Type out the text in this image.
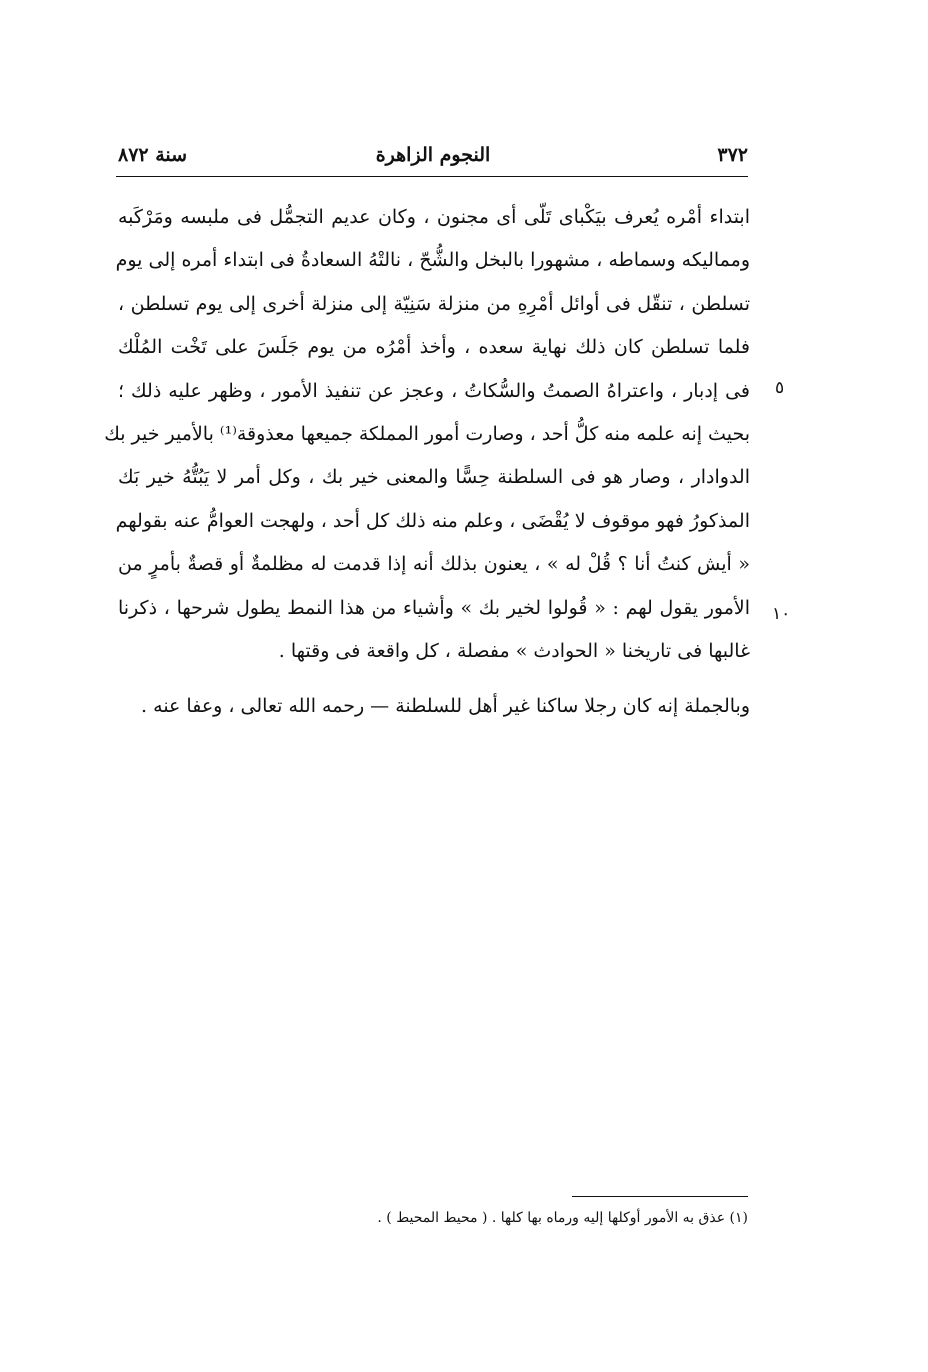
٣٧٢
النجوم الزاهرة
سنة ٨٧٢
٥
١٠
ابتداء أمْره يُعرف بيَكْباى تَلّى أى مجنون ، وكان عديم التجمُّل فى ملبسه ومَرْكَبه
ومماليكه وسماطه ، مشهورا بالبخل والشُّحّ ، نالتْهُ السعادةُ فى ابتداء أمره إلى يوم
تسلطن ، تنقّل فى أوائل أمْرِهِ من منزلة سَنِيّة إلى منزلة أخرى إلى يوم تسلطن ،
فلما تسلطن كان ذلك نهاية سعده ، وأخذ أمْرُه من يوم جَلَسَ على تَخْت المُلْك
فى إدبار ، واعتراهُ الصمتُ والسُّكاتُ ، وعجز عن تنفيذ الأمور ، وظهر عليه ذلك ؛
بحيث إنه علمه منه كلُّ أحد ، وصارت أمور المملكة جميعها معذوقة⁽¹⁾ بالأمير خير بك
الدوادار ، وصار هو فى السلطنة حِسًّا والمعنى خير بك ، وكل أمر لا يَبُتُّهُ خير بَك
المذكورُ فهو موقوف لا يُقْضَى ، وعلم منه ذلك كل أحد ، ولهجت العوامُّ عنه بقولهم
« أيش كنتُ أنا ؟ قُلْ له » ، يعنون بذلك أنه إذا قدمت له مظلمةٌ أو قصةٌ بأمرٍ من
الأمور يقول لهم : « قُولوا لخير بك » وأشياء من هذا النمط يطول شرحها ، ذكرنا
غالبها فى تاريخنا « الحوادث » مفصلة ، كل واقعة فى وقتها .
وبالجملة إنه كان رجلا ساكنا غير أهل للسلطنة — رحمه الله تعالى ، وعفا عنه .
(١) عذق به الأمور أوكلها إليه ورماه بها كلها . ( محيط المحيط ) .
